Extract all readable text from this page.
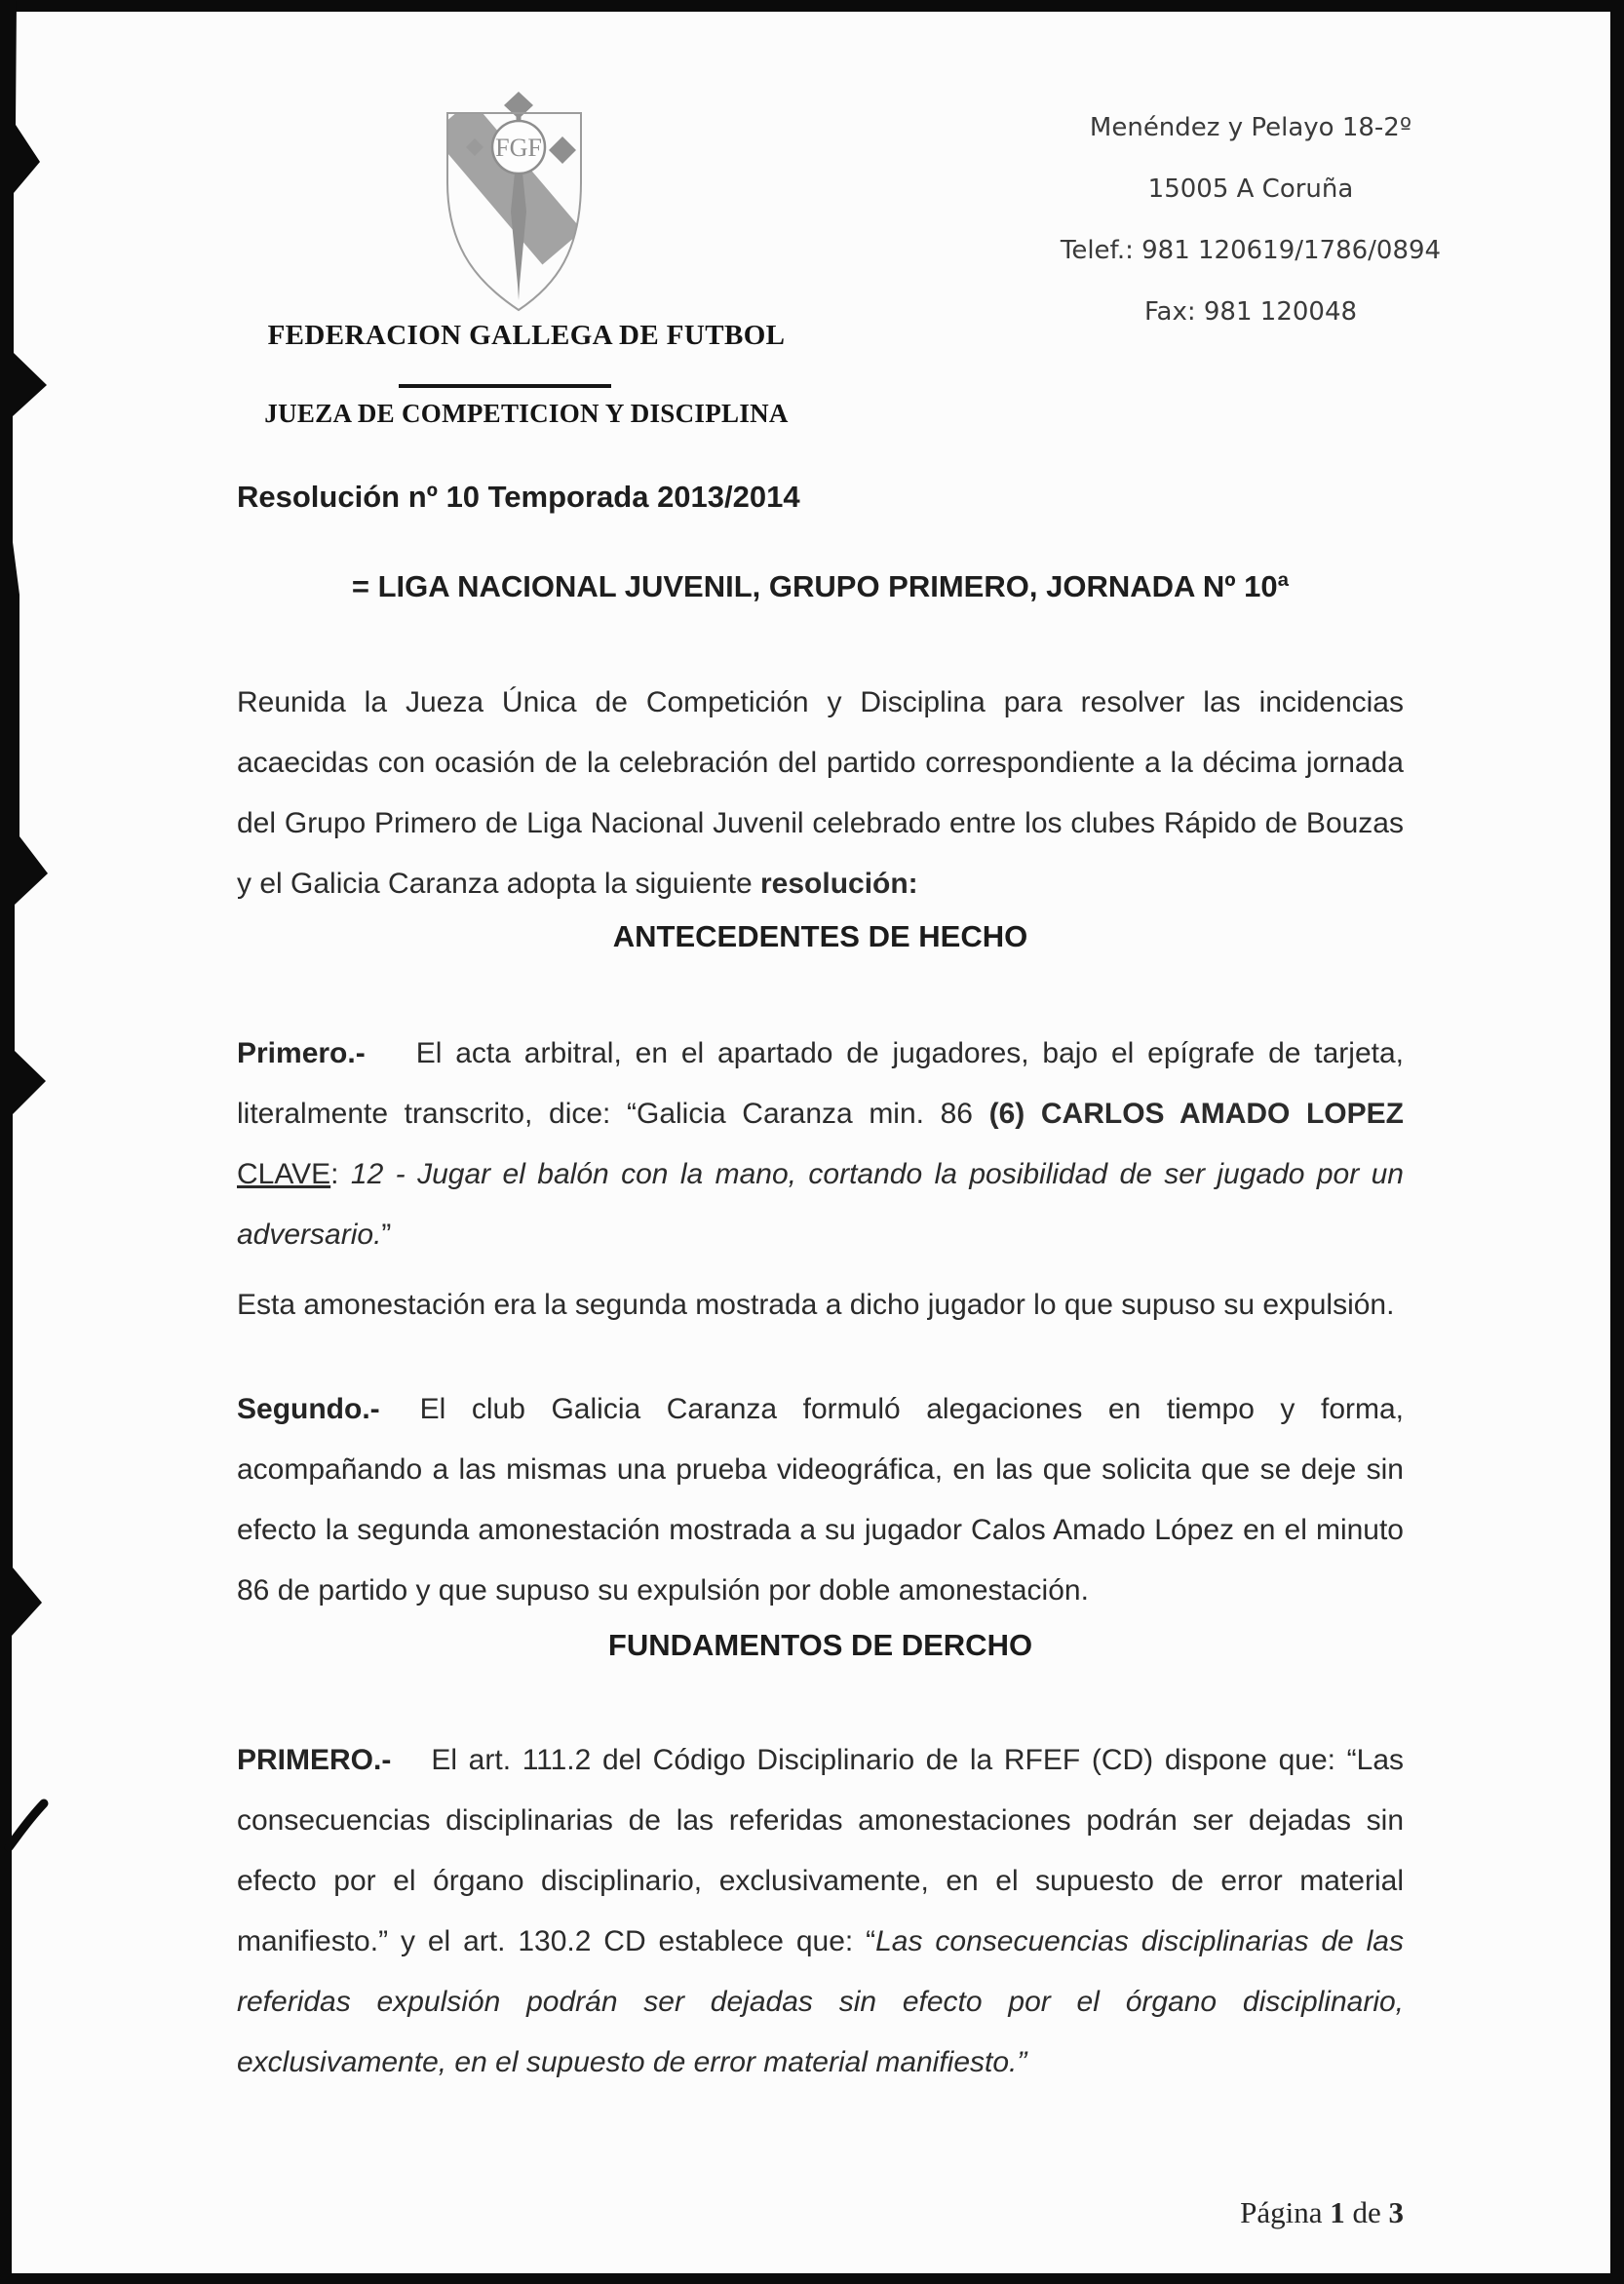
FGF
FEDERACION GALLEGA DE FUTBOL
JUEZA DE COMPETICION Y DISCIPLINA
Menéndez y Pelayo 18-2º
15005 A Coruña
Telef.: 981 120619/1786/0894
Fax: 981 120048
Resolución nº 10 Temporada 2013/2014
= LIGA NACIONAL JUVENIL, GRUPO PRIMERO, JORNADA Nº 10ª
Reunida la Jueza Única de Competición y Disciplina para resolver las incidencias acaecidas con ocasión de la celebración del partido correspondiente a la décima jornada del Grupo Primero de Liga Nacional Juvenil celebrado entre los clubes Rápido de Bouzas y el Galicia Caranza adopta la siguiente resolución:
ANTECEDENTES DE HECHO
Primero.- El acta arbitral, en el apartado de jugadores, bajo el epígrafe de tarjeta, literalmente transcrito, dice: “Galicia Caranza min. 86 (6) CARLOS AMADO LOPEZ CLAVE: 12 - Jugar el balón con la mano, cortando la posibilidad de ser jugado por un adversario.”
Esta amonestación era la segunda mostrada a dicho jugador lo que supuso su expulsión.
Segundo.- El club Galicia Caranza formuló alegaciones en tiempo y forma, acompañando a las mismas una prueba videográfica, en las que solicita que se deje sin efecto la segunda amonestación mostrada a su jugador Calos Amado López en el minuto 86 de partido y que supuso su expulsión por doble amonestación.
FUNDAMENTOS DE DERCHO
PRIMERO.- El art. 111.2 del Código Disciplinario de la RFEF (CD) dispone que: “Las consecuencias disciplinarias de las referidas amonestaciones podrán ser dejadas sin efecto por el órgano disciplinario, exclusivamente, en el supuesto de error material manifiesto.” y el art. 130.2 CD establece que: “Las consecuencias disciplinarias de las referidas expulsión podrán ser dejadas sin efecto por el órgano disciplinario, exclusivamente, en el supuesto de error material manifiesto.”
Página 1 de 3
